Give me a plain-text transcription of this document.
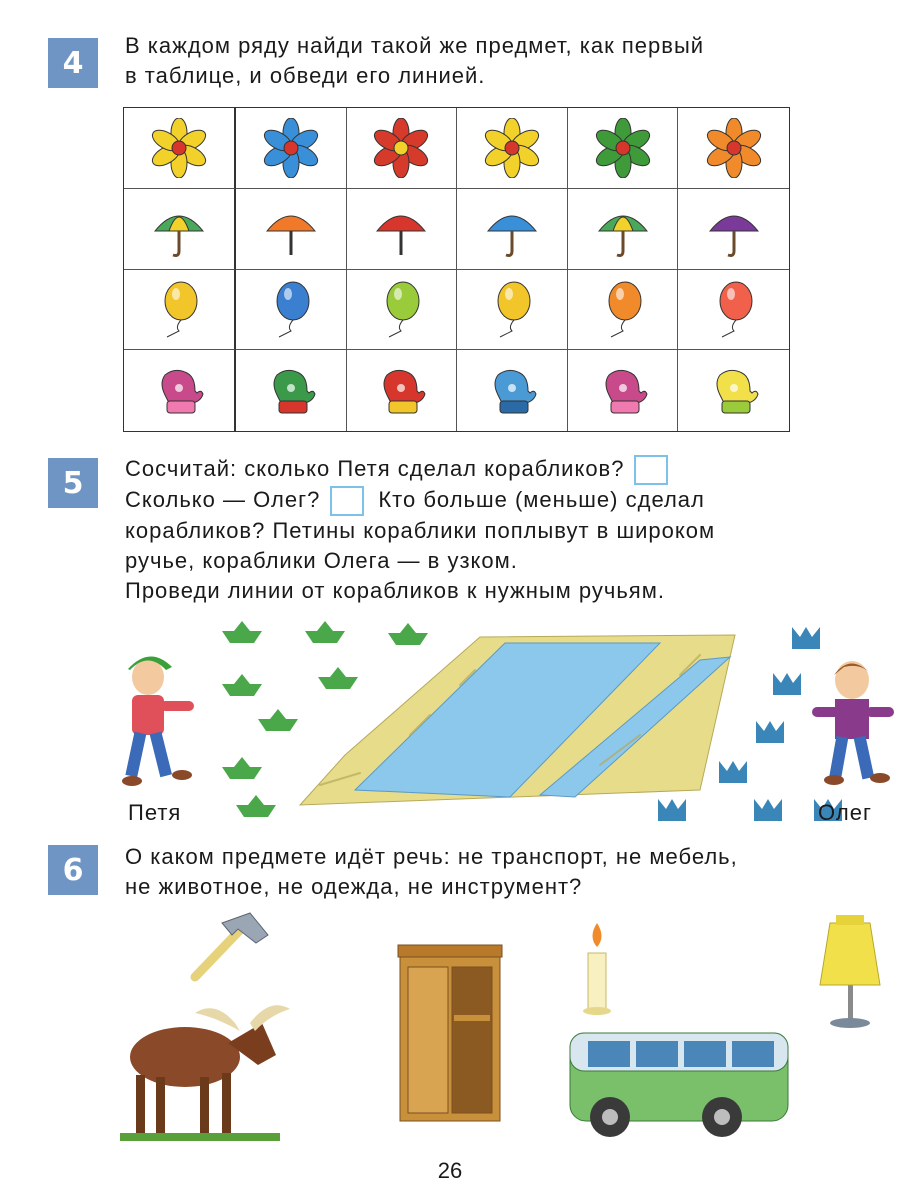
4	В каждом ряду найди такой же предмет, как первый

в таблице, и обведи его линией.

5	Сосчитай: сколько Петя сделал корабликов?

Сколько — Олег?	Кто больше (меньше) сделал

корабликов? Петины кораблики поплывут в широком

ручье, кораблики Олега — в узком.

Проведи линии от корабликов к нужным ручьям.

Петя	Олег
6	О каком предмете идёт речь: не транспорт, не мебель,

не животное, не одежда, не инструмент?

26
